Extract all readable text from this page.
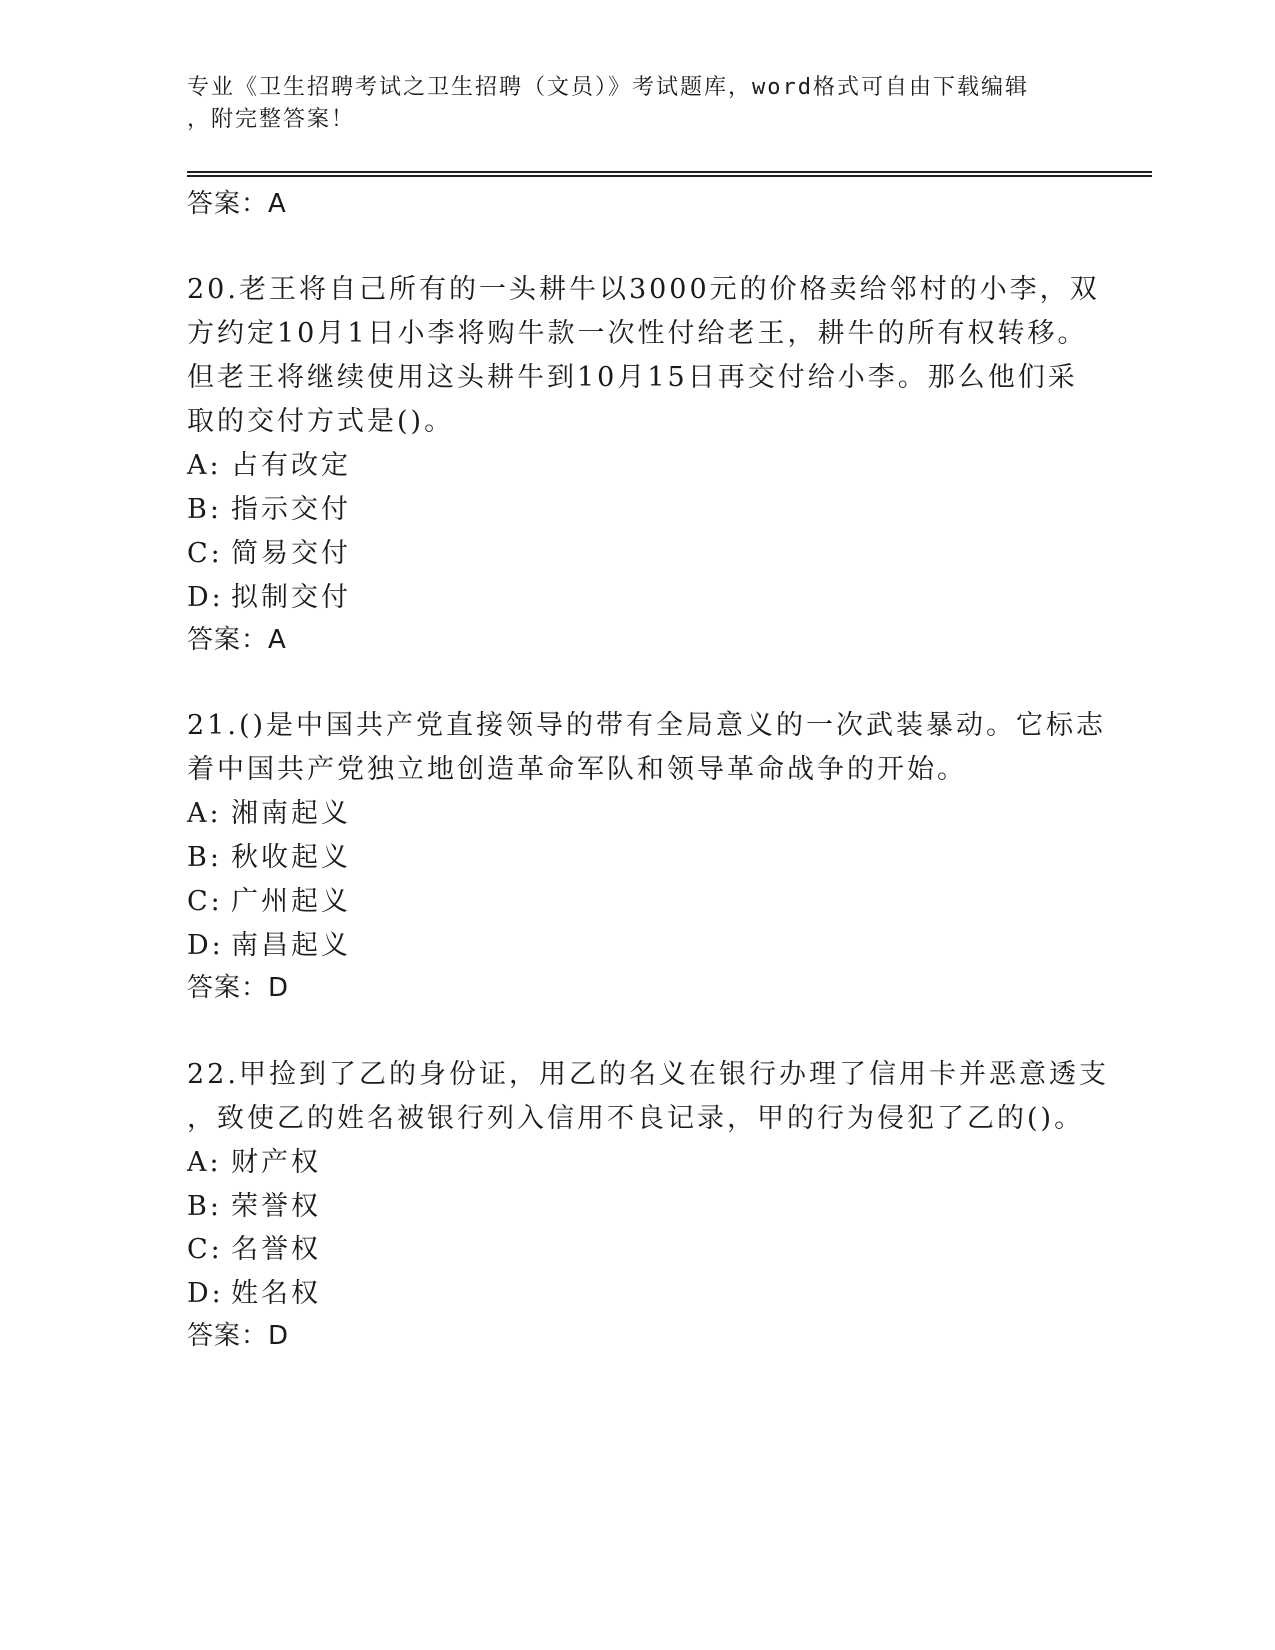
专业《卫生招聘考试之卫生招聘（文员）》考试题库，word格式可自由下载编辑
，附完整答案！
答案：A
20.老王将自己所有的一头耕牛以3000元的价格卖给邻村的小李，双
方约定10月1日小李将购牛款一次性付给老王，耕牛的所有权转移。
但老王将继续使用这头耕牛到10月15日再交付给小李。那么他们采
取的交付方式是()。
A: 占有改定
B: 指示交付
C: 简易交付
D: 拟制交付
答案：A
21.()是中国共产党直接领导的带有全局意义的一次武装暴动。它标志
着中国共产党独立地创造革命军队和领导革命战争的开始。
A: 湘南起义
B: 秋收起义
C: 广州起义
D: 南昌起义
答案：D
22.甲捡到了乙的身份证，用乙的名义在银行办理了信用卡并恶意透支
，致使乙的姓名被银行列入信用不良记录，甲的行为侵犯了乙的()。
A: 财产权
B: 荣誉权
C: 名誉权
D: 姓名权
答案：D
